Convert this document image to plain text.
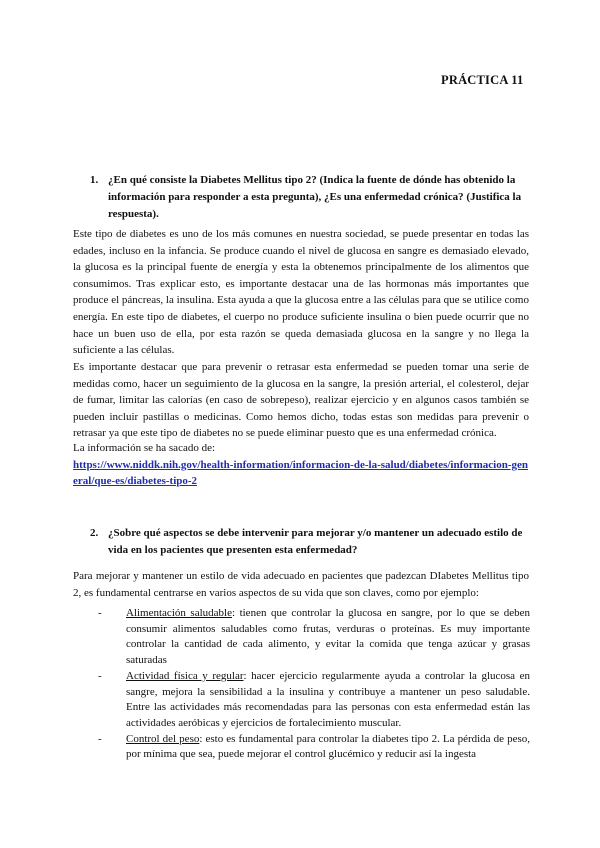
PRÁCTICA 11
1. ¿En qué consiste la Diabetes Mellitus tipo 2? (Indica la fuente de dónde has obtenido la información para responder a esta pregunta), ¿Es una enfermedad crónica? (Justifica la respuesta).

Este tipo de diabetes es uno de los más comunes en nuestra sociedad, se puede presentar en todas las edades, incluso en la infancia. Se produce cuando el nivel de glucosa en sangre es demasiado elevado, la glucosa es la principal fuente de energía y esta la obtenemos principalmente de los alimentos que consumimos. Tras explicar esto, es importante destacar una de las hormonas más importantes que produce el páncreas, la insulina. Esta ayuda a que la glucosa entre a las células para que se utilice como energía. En este tipo de diabetes, el cuerpo no produce suficiente insulina o bien puede ocurrir que no hace un buen uso de ella, por esta razón se queda demasiada glucosa en la sangre y no llega la suficiente a las células.

Es importante destacar que para prevenir o retrasar esta enfermedad se pueden tomar una serie de medidas como, hacer un seguimiento de la glucosa en la sangre, la presión arterial, el colesterol, dejar de fumar, limitar las calorías (en caso de sobrepeso), realizar ejercicio y en algunos casos también se pueden incluir pastillas o medicinas. Como hemos dicho, todas estas son medidas para prevenir o retrasar ya que este tipo de diabetes no se puede eliminar puesto que es una enfermedad crónica.

La información se ha sacado de:
https://www.niddk.nih.gov/health-information/informacion-de-la-salud/diabetes/informacion-general/que-es/diabetes-tipo-2
2. ¿Sobre qué aspectos se debe intervenir para mejorar y/o mantener un adecuado estilo de vida en los pacientes que presenten esta enfermedad?

Para mejorar y mantener un estilo de vida adecuado en pacientes que padezcan DIabetes Mellitus tipo 2, es fundamental centrarse en varios aspectos de su vida que son claves, como por ejemplo:

- Alimentación saludable: tienen que controlar la glucosa en sangre, por lo que se deben consumir alimentos saludables como frutas, verduras o proteínas. Es muy importante controlar la cantidad de cada alimento, y evitar la comida que tenga azúcar y grasas saturadas
- Actividad física y regular: hacer ejercicio regularmente ayuda a controlar la glucosa en sangre, mejora la sensibilidad a la insulina y contribuye a mantener un peso saludable. Entre las actividades más recomendadas para las personas con esta enfermedad están las actividades aeróbicas y ejercicios de fortalecimiento muscular.
- Control del peso: esto es fundamental para controlar la diabetes tipo 2. La pérdida de peso, por mínima que sea, puede mejorar el control glucémico y reducir así la ingesta
